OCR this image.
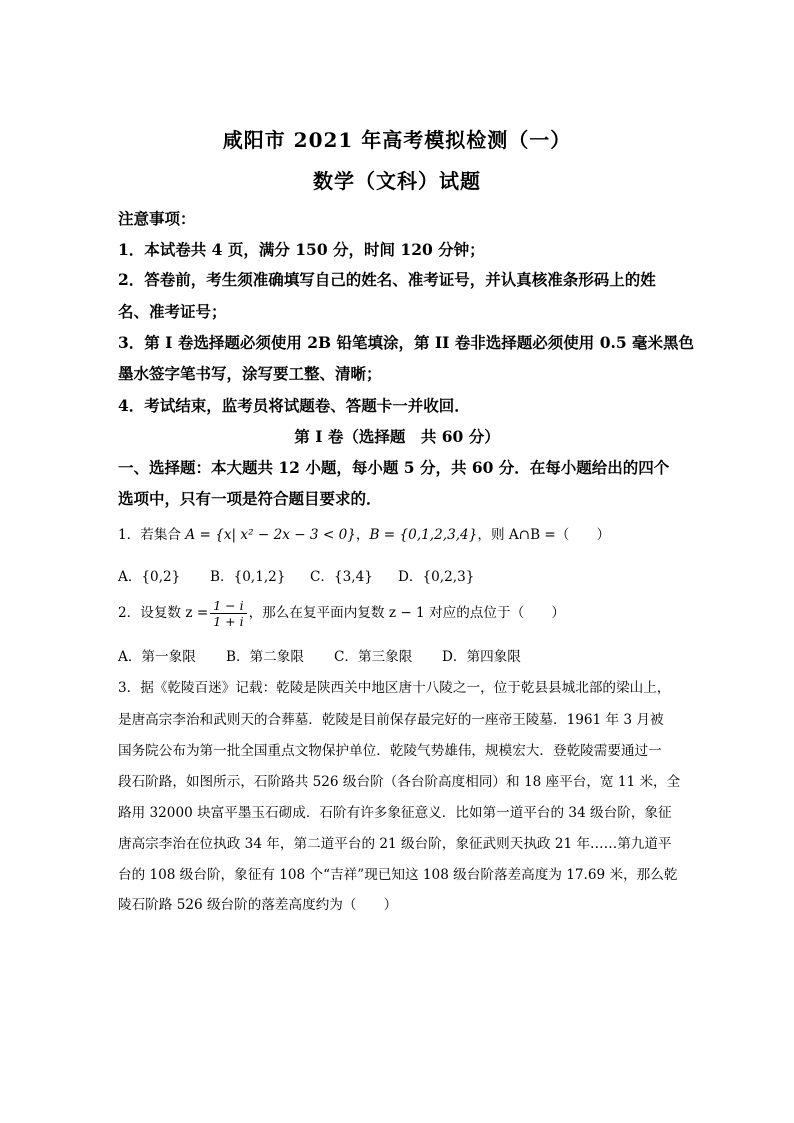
咸阳市 2021 年高考模拟检测（一）
数学（文科）试题
注意事项：
1．本试卷共 4 页，满分 150 分，时间 120 分钟；
2．答卷前，考生须准确填写自己的姓名、准考证号，并认真核准条形码上的姓
名、准考证号；
3．第 I 卷选择题必须使用 2B 铅笔填涂，第 II 卷非选择题必须使用 0.5 毫米黑色
墨水签字笔书写，涂写要工整、清晰；
4．考试结束，监考员将试题卷、答题卡一并收回．
第 I 卷（选择题　共 60 分）
一、选择题：本大题共 12 小题，每小题 5 分，共 60 分．在每小题给出的四个
选项中，只有一项是符合题目要求的．
1．若集合 A = {x| x² − 2x − 3 < 0}，B = {0,1,2,3,4}，则 A∩B =（　　）
A．{0,2} B．{0,1,2} C．{3,4} D．{0,2,3}
2．设复数 $z = \frac{1 - i}{1 + i}$ ，那么在复平面内复数 z − 1 对应的点位于（　　）
A．第一象限 B．第二象限 C．第三象限 D．第四象限
3．据《乾陵百迷》记载：乾陵是陕西关中地区唐十八陵之一，位于乾县县城北部的梁山上，
是唐高宗李治和武则天的合葬墓．乾陵是目前保存最完好的一座帝王陵墓．1961 年 3 月被
国务院公布为第一批全国重点文物保护单位．乾陵气势雄伟，规模宏大．登乾陵需要通过一
段石阶路，如图所示，石阶路共 526 级台阶（各台阶高度相同）和 18 座平台，宽 11 米，全
路用 32000 块富平墨玉石砌成．石阶有许多象征意义．比如第一道平台的 34 级台阶，象征
唐高宗李治在位执政 34 年，第二道平台的 21 级台阶，象征武则天执政 21 年……第九道平
台的 108 级台阶，象征有 108 个“吉祥”现已知这 108 级台阶落差高度为 17.69 米，那么乾
陵石阶路 526 级台阶的落差高度约为（　　）
